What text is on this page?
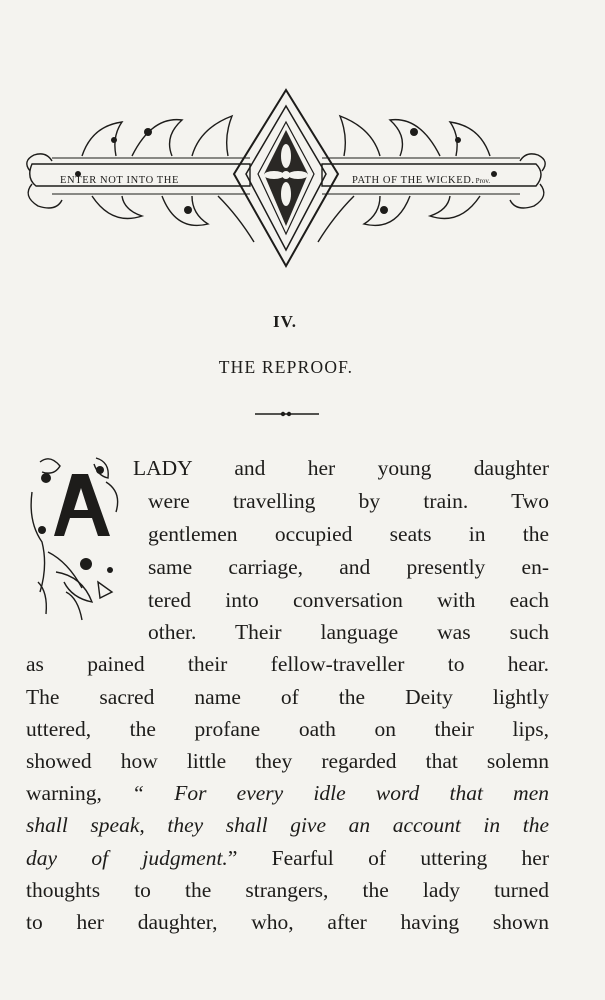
ENTER NOT INTO THE	PATH OF THE WICKED.Prov.
IV.
THE REPROOF.
A
LADY and her young daughter
were travelling by train. Two
gentlemen occupied seats in the
same carriage, and presently en-
tered into conversation with each
other. Their language was such
as pained their fellow-traveller to hear.
The sacred name of the Deity lightly
uttered, the profane oath on their lips,
showed how little they regarded that solemn
warning, “ For every idle word that men
shall speak, they shall give an account in the
day of judgment.” Fearful of uttering her
thoughts to the strangers, the lady turned
to her daughter, who, after having shown
